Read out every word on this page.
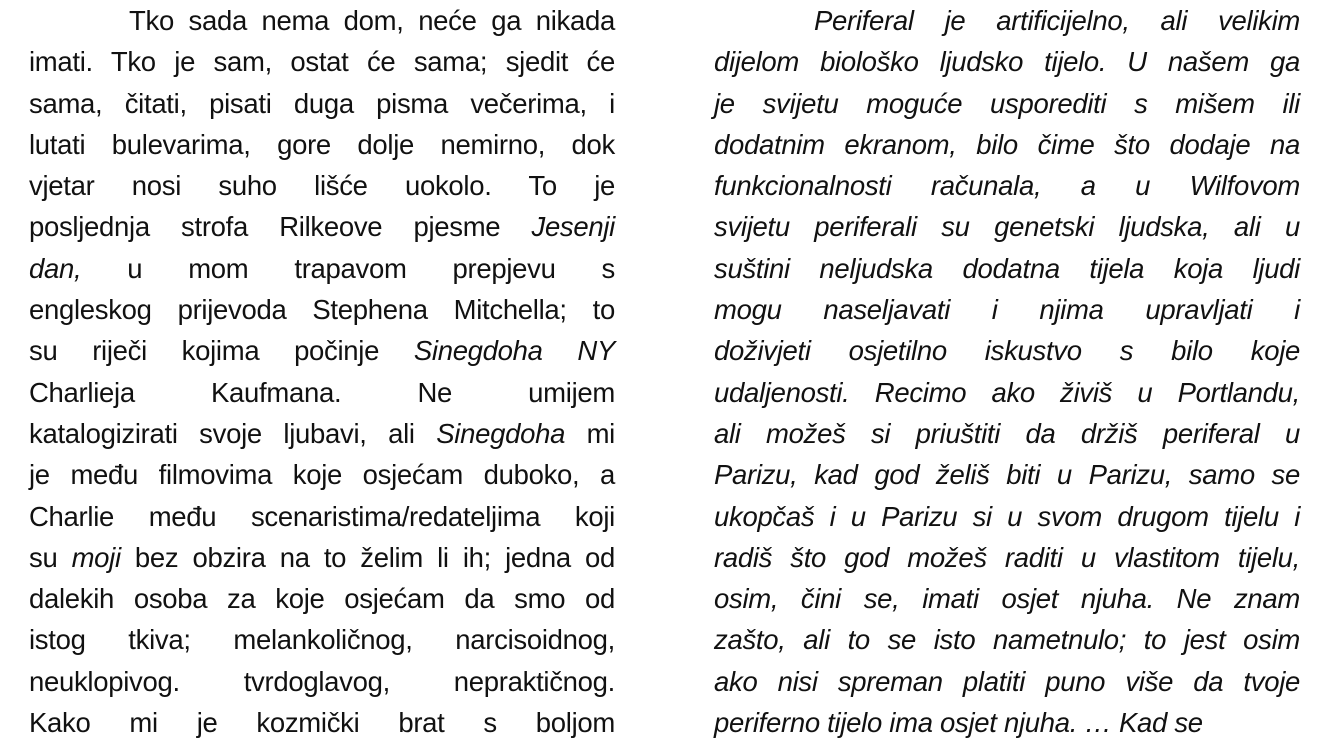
Tko sada nema dom, neće ga nikada
imati. Tko je sam, ostat će sama; sjedit će
sama, čitati, pisati duga pisma večerima, i
lutati bulevarima, gore dolje nemirno, dok
vjetar nosi suho lišće uokolo. To je
posljednja strofa Rilkeove pjesme Jesenji
dan, u mom trapavom prepjevu s
engleskog prijevoda Stephena Mitchella; to
su riječi kojima počinje Sinegdoha NY
Charlieja Kaufmana. Ne umijem
katalogizirati svoje ljubavi, ali Sinegdoha mi
je među filmovima koje osjećam duboko, a
Charlie među scenaristima/redateljima koji
su moji bez obzira na to želim li ih; jedna od
dalekih osoba za koje osjećam da smo od
istog tkiva; melankoličnog, narcisoidnog,
neuklopivog. tvrdoglavog, nepraktičnog.
Kako mi je kozmički brat s boljom
Periferal je artificijelno, ali velikim
dijelom biološko ljudsko tijelo. U našem ga
je svijetu moguće usporediti s mišem ili
dodatnim ekranom, bilo čime što dodaje na
funkcionalnosti računala, a u Wilfovom
svijetu periferali su genetski ljudska, ali u
suštini neljudska dodatna tijela koja ljudi
mogu naseljavati i njima upravljati i
doživjeti osjetilno iskustvo s bilo koje
udaljenosti. Recimo ako živiš u Portlandu,
ali možeš si priuštiti da držiš periferal u
Parizu, kad god želiš biti u Parizu, samo se
ukopčaš i u Parizu si u svom drugom tijelu i
radiš što god možeš raditi u vlastitom tijelu,
osim, čini se, imati osjet njuha. Ne znam
zašto, ali to se isto nametnulo; to jest osim
ako nisi spreman platiti puno više da tvoje
periferno tijelo ima osjet njuha. … Kad se
